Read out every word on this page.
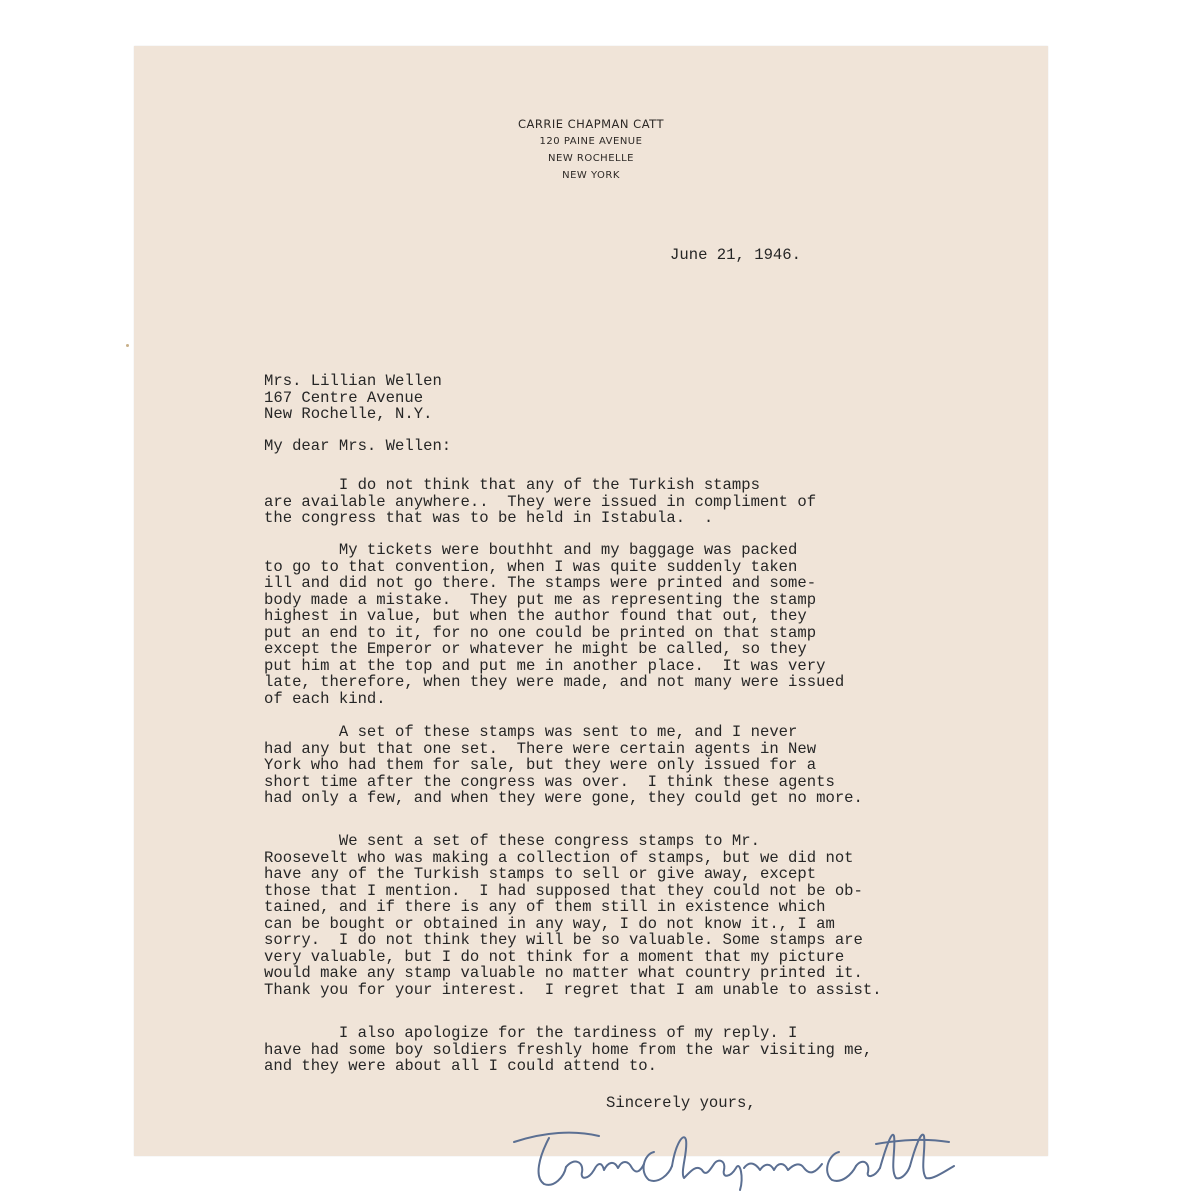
CARRIE CHAPMAN CATT
120 PAINE AVENUE
NEW ROCHELLE
NEW YORK
June 21, 1946.
Mrs. Lillian Wellen
167 Centre Avenue
New Rochelle, N.Y.
My dear Mrs. Wellen:
I do not think that any of the Turkish stamps
are available anywhere..  They were issued in compliment of
the congress that was to be held in Istabula.  .
My tickets were bouthht and my baggage was packed
to go to that convention, when I was quite suddenly taken
ill and did not go there. The stamps were printed and some-
body made a mistake.  They put me as representing the stamp
highest in value, but when the author found that out, they
put an end to it, for no one could be printed on that stamp
except the Emperor or whatever he might be called, so they
put him at the top and put me in another place.  It was very
late, therefore, when they were made, and not many were issued
of each kind.
A set of these stamps was sent to me, and I never
had any but that one set.  There were certain agents in New
York who had them for sale, but they were only issued for a
short time after the congress was over.  I think these agents
had only a few, and when they were gone, they could get no more.
We sent a set of these congress stamps to Mr.
Roosevelt who was making a collection of stamps, but we did not
have any of the Turkish stamps to sell or give away, except
those that I mention.  I had supposed that they could not be ob-
tained, and if there is any of them still in existence which
can be bought or obtained in any way, I do not know it., I am
sorry.  I do not think they will be so valuable. Some stamps are
very valuable, but I do not think for a moment that my picture
would make any stamp valuable no matter what country printed it.
Thank you for your interest.  I regret that I am unable to assist.
I also apologize for the tardiness of my reply. I
have had some boy soldiers freshly home from the war visiting me,
and they were about all I could attend to.
Sincerely yours,
